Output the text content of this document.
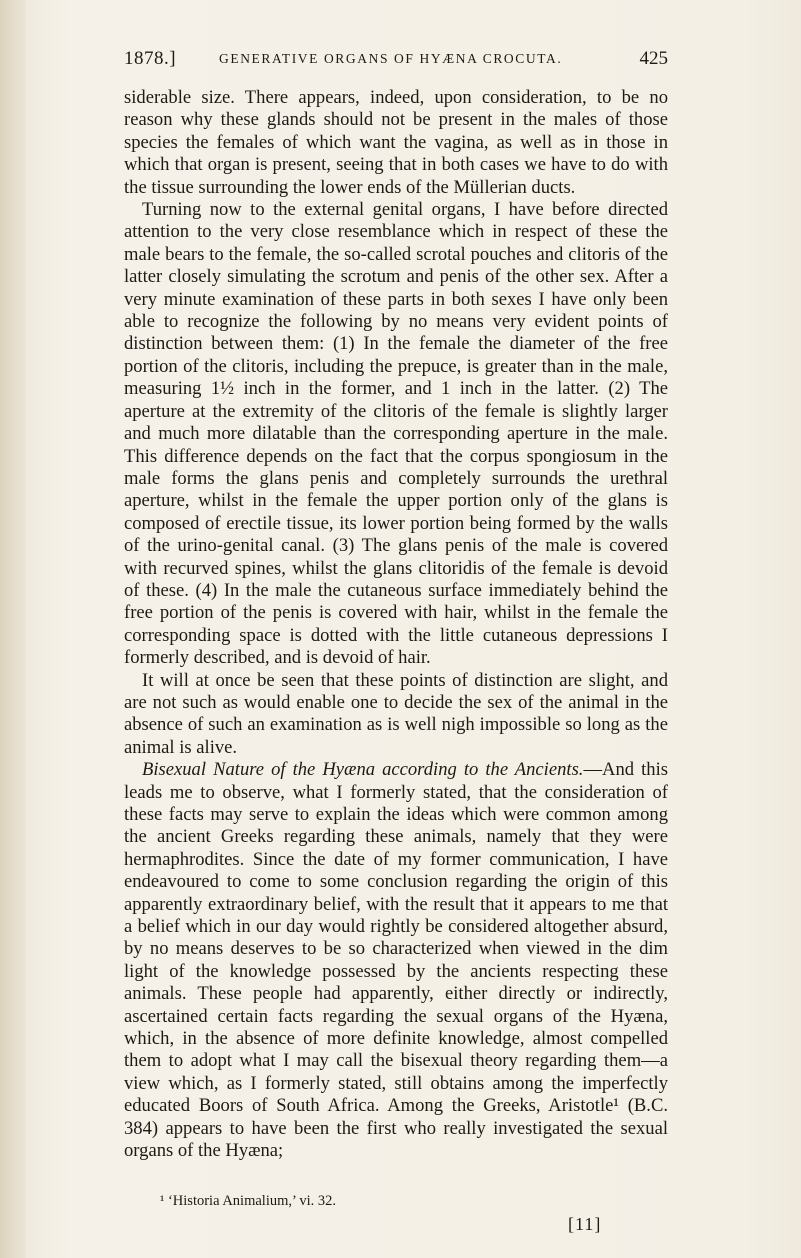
1878.]	GENERATIVE ORGANS OF HYÆNA CROCUTA.	425

siderable size. There appears, indeed, upon consideration, to be no reason why these glands should not be present in the males of those species the females of which want the vagina, as well as in those in which that organ is present, seeing that in both cases we have to do with the tissue surrounding the lower ends of the Müllerian ducts.

Turning now to the external genital organs, I have before directed attention to the very close resemblance which in respect of these the male bears to the female, the so-called scrotal pouches and clitoris of the latter closely simulating the scrotum and penis of the other sex. After a very minute examination of these parts in both sexes I have only been able to recognize the following by no means very evident points of distinction between them: (1) In the female the diameter of the free portion of the clitoris, including the prepuce, is greater than in the male, measuring 1½ inch in the former, and 1 inch in the latter. (2) The aperture at the extremity of the clitoris of the female is slightly larger and much more dilatable than the corresponding aperture in the male. This difference depends on the fact that the corpus spongiosum in the male forms the glans penis and completely surrounds the urethral aperture, whilst in the female the upper portion only of the glans is composed of erectile tissue, its lower portion being formed by the walls of the urino-genital canal. (3) The glans penis of the male is covered with recurved spines, whilst the glans clitoridis of the female is devoid of these. (4) In the male the cutaneous surface immediately behind the free portion of the penis is covered with hair, whilst in the female the corresponding space is dotted with the little cutaneous depressions I formerly described, and is devoid of hair.

It will at once be seen that these points of distinction are slight, and are not such as would enable one to decide the sex of the animal in the absence of such an examination as is well nigh impossible so long as the animal is alive.

Bisexual Nature of the Hyæna according to the Ancients.—And this leads me to observe, what I formerly stated, that the consideration of these facts may serve to explain the ideas which were common among the ancient Greeks regarding these animals, namely that they were hermaphrodites. Since the date of my former communication, I have endeavoured to come to some conclusion regarding the origin of this apparently extraordinary belief, with the result that it appears to me that a belief which in our day would rightly be considered altogether absurd, by no means deserves to be so characterized when viewed in the dim light of the knowledge possessed by the ancients respecting these animals. These people had apparently, either directly or indirectly, ascertained certain facts regarding the sexual organs of the Hyæna, which, in the absence of more definite knowledge, almost compelled them to adopt what I may call the bisexual theory regarding them—a view which, as I formerly stated, still obtains among the imperfectly educated Boors of South Africa. Among the Greeks, Aristotle¹ (B.C. 384) appears to have been the first who really investigated the sexual organs of the Hyæna;

¹ ‘Historia Animalium,’ vi. 32.
[11]
